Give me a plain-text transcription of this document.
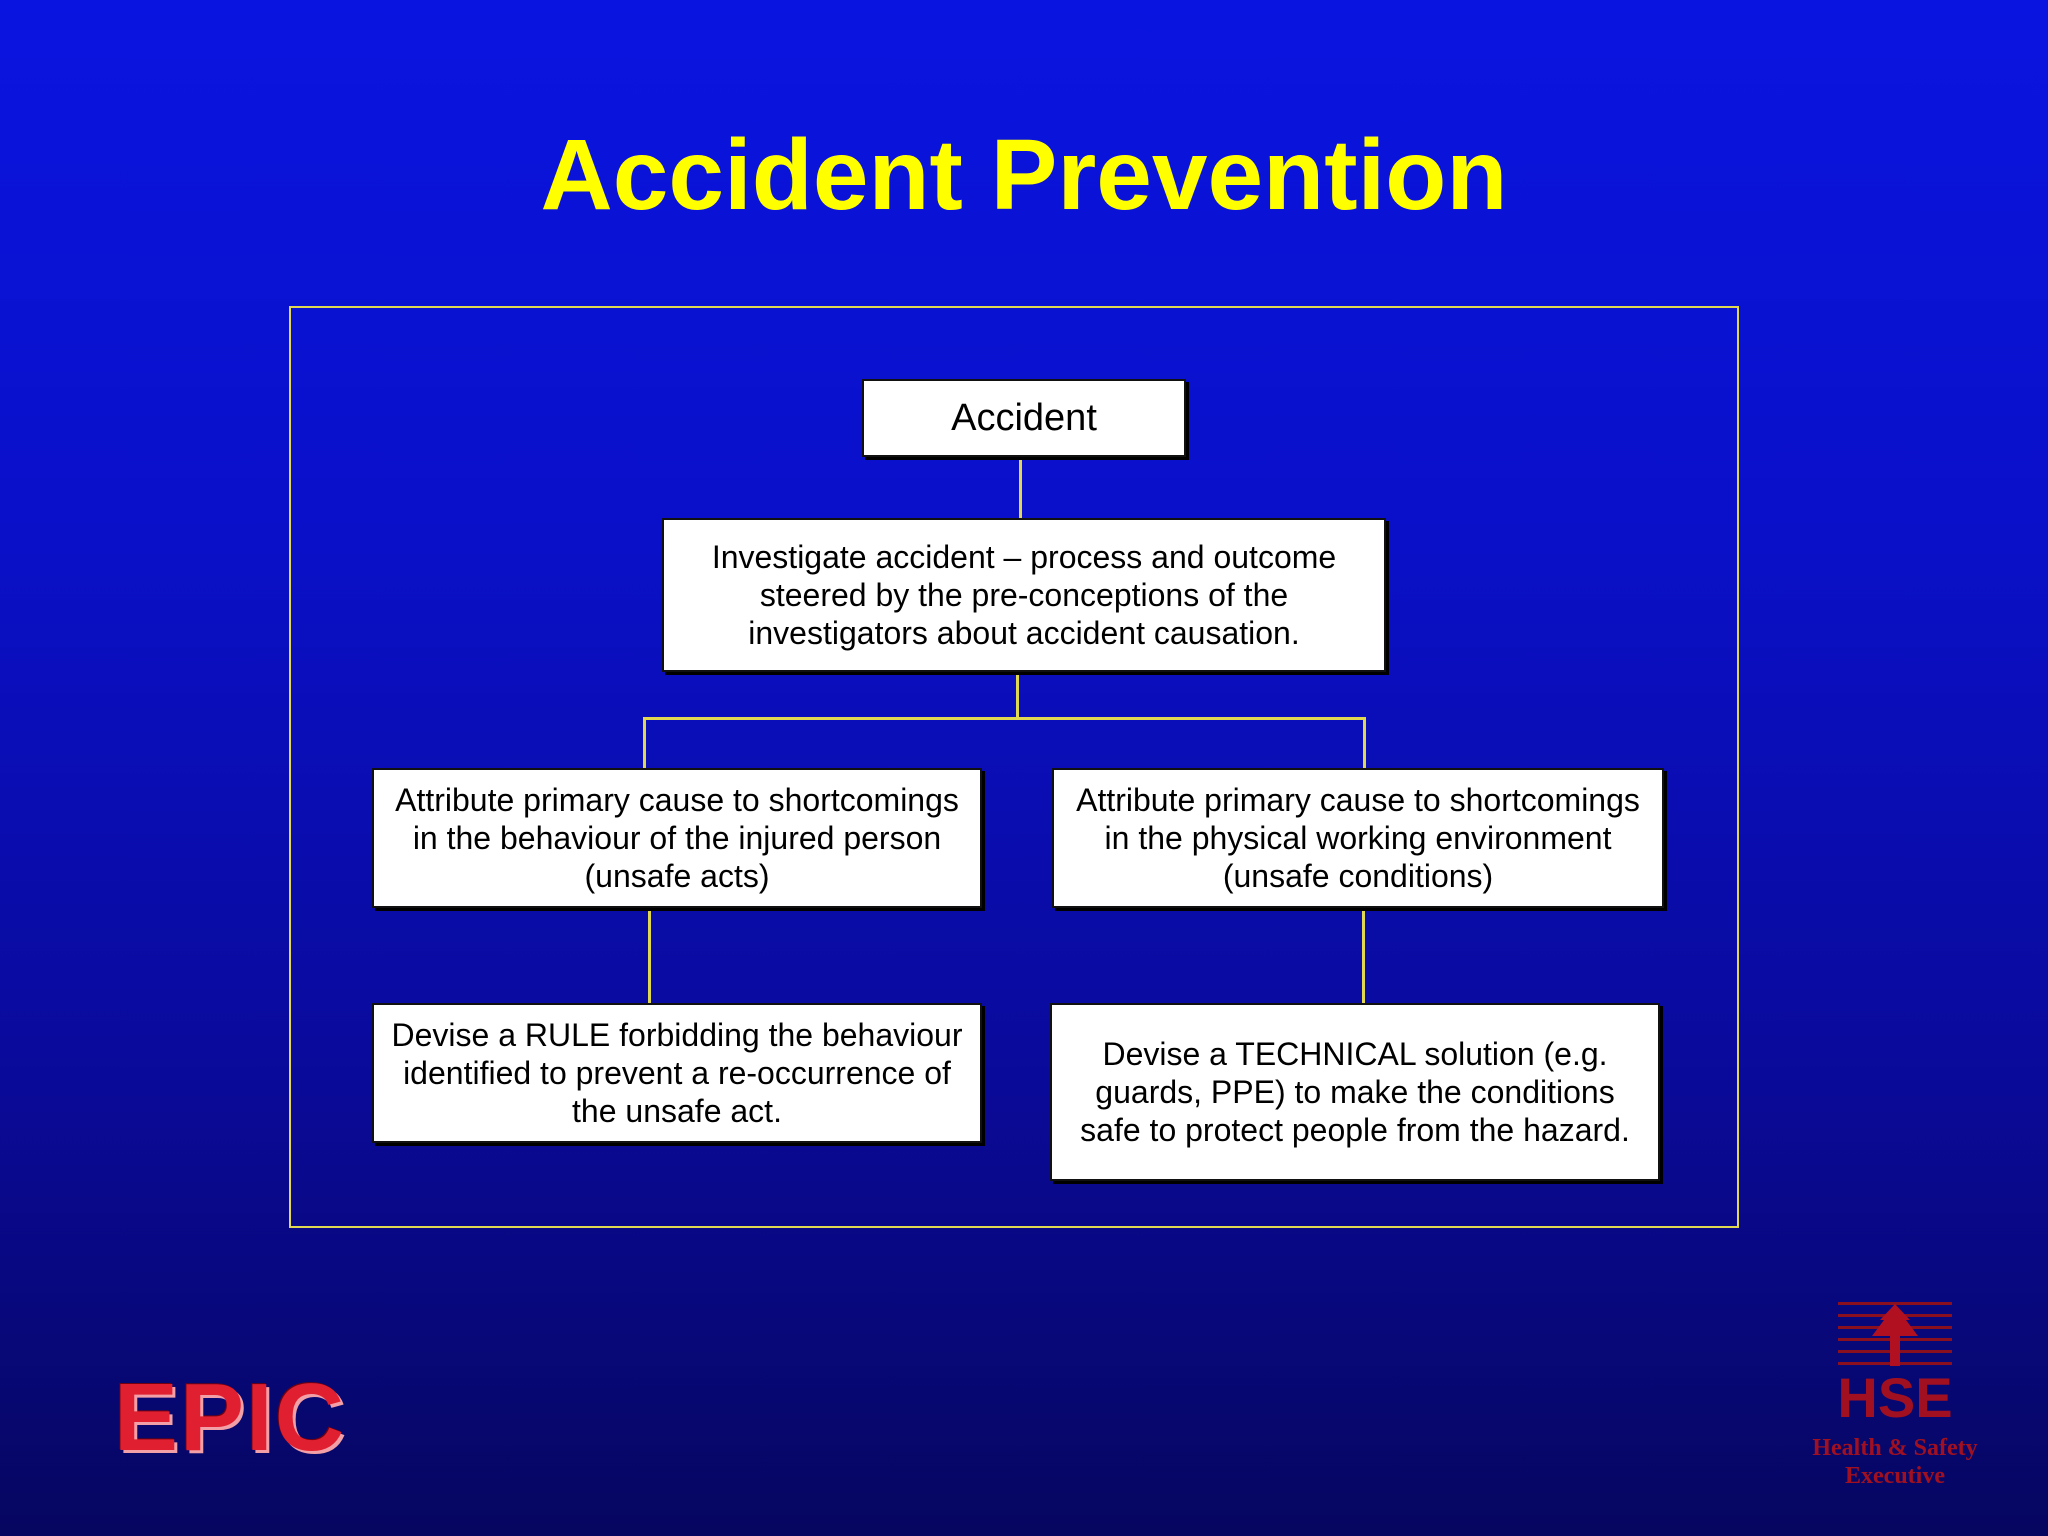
Accident Prevention
Accident
Investigate accident – process and outcome steered by the pre-conceptions of the investigators about accident causation.
Attribute primary cause to shortcomings in the behaviour of the injured person (unsafe acts)
Attribute primary cause to shortcomings in the physical working environment (unsafe conditions)
Devise a RULE forbidding the behaviour identified to prevent a re-occurrence of the unsafe act.
Devise a TECHNICAL solution (e.g. guards, PPE) to make the conditions safe to protect people from the hazard.
EPIC	HSE
Health & Safety
Executive
